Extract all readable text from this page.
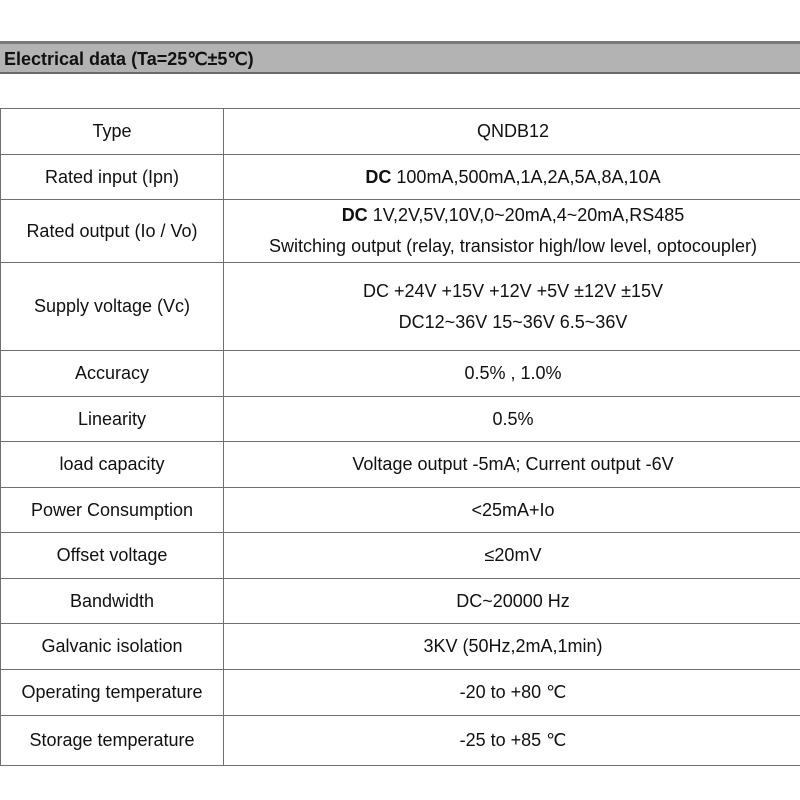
Electrical data (Ta=25℃±5℃)
Type	QNDB12

Rated input (Ipn)	DC 100mA,500mA,1A,2A,5A,8A,10A

Rated output (Io / Vo)	DC 1V,2V,5V,10V,0~20mA,4~20mA,RS485
Switching output (relay, transistor high/low level, optocoupler)

Supply voltage (Vc)	DC +24V +15V +12V +5V ±12V ±15V
DC12~36V 15~36V 6.5~36V

Accuracy	0.5% , 1.0%

Linearity	0.5%

load capacity	Voltage output -5mA; Current output -6V

Power Consumption	<25mA+Io

Offset voltage	≤20mV

Bandwidth	DC~20000 Hz

Galvanic isolation	3KV (50Hz,2mA,1min)

Operating temperature	-20 to +80 ℃

Storage temperature	-25 to +85 ℃
